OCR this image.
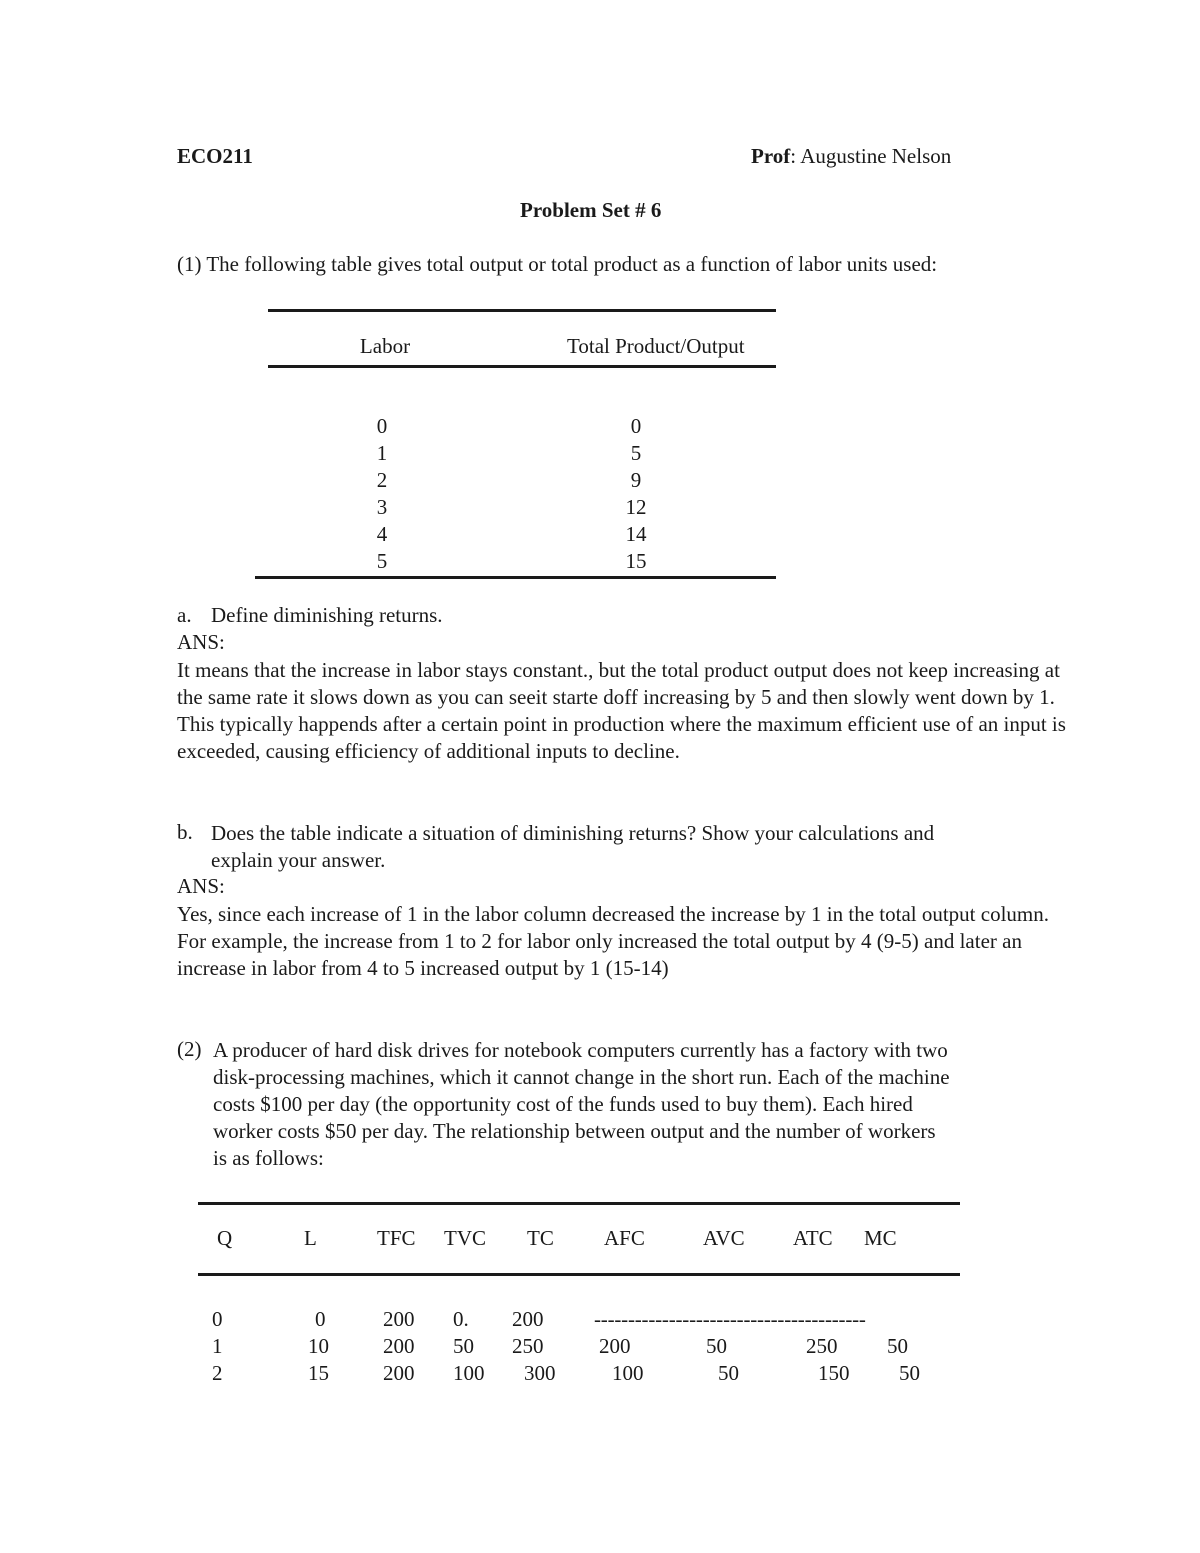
ECO211	Prof: Augustine Nelson
Problem Set # 6
(1) The following table gives total output or total product as a function of labor units used:
Labor	Total Product/Output
0	0
1	5
2	9
3	12
4	14
5	15
a. Define diminishing returns.
ANS:
It means that the increase in labor stays constant., but the total product output does not keep increasing at
the same rate it slows down as you can seeit starte doff increasing by 5 and then slowly went down by 1.
This typically happends after a certain point in production where the maximum efficient use of an input is
exceeded, causing efficiency of additional inputs to decline.
b. Does the table indicate a situation of diminishing returns? Show your calculations and
explain your answer.
ANS:
Yes, since each increase of 1 in the labor column decreased the increase by 1 in the total output column.
For example, the increase from 1 to 2 for labor only increased the total output by 4 (9-5) and later an
increase in labor from 4 to 5 increased output by 1 (15-14)
(2) A producer of hard disk drives for notebook computers currently has a factory with two
disk-processing machines, which it cannot change in the short run. Each of the machine
costs $100 per day (the opportunity cost of the funds used to buy them). Each hired
worker costs $50 per day. The relationship between output and the number of workers
is as follows:
Q	L	TFC TVC TC AFC	AVC ATC MC
0	0	200 0. 200 ----------------------------------------
1	10	200 50 250	200	50	250 50
2	15	200 100 300	100	50	150 50
